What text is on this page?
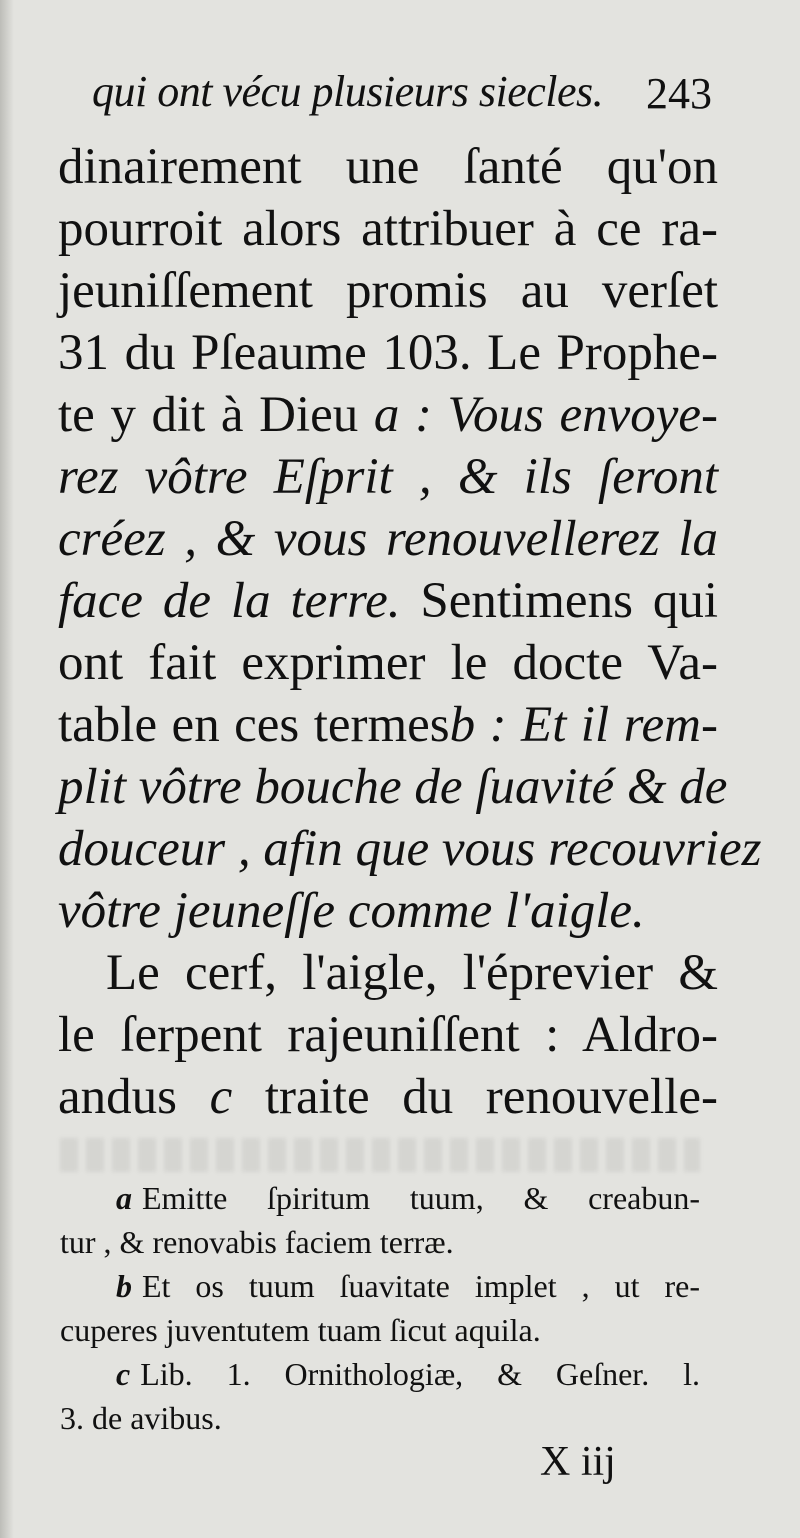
qui ont vécu plusieurs siecles. 243
dinairement une ſanté qu'on
pourroit alors attribuer à ce ra-
jeuniſſement promis au verſet
31 du Pſeaume 103. Le Prophe-
te y dit à Dieu a : Vous envoye-
rez vôtre Eſprit , & ils ſeront
créez , & vous renouvellerez la
face de la terre. Sentimens qui
ont fait exprimer le docte Va-
table en ces termesb : Et il rem-
plit vôtre bouche de ſuavité & de
douceur , afin que vous recouvriez
vôtre jeuneſſe comme l'aigle.
Le cerf, l'aigle, l'éprevier &
le ſerpent rajeuniſſent : Aldro-
andus c traite du renouvelle-
a Emitte ſpiritum tuum, & creabun-
tur , & renovabis faciem terræ.
b Et os tuum ſuavitate implet , ut re-
cuperes juventutem tuam ſicut aquila.
c Lib. 1. Ornithologiæ, & Geſner. l.
3. de avibus.
X iij
